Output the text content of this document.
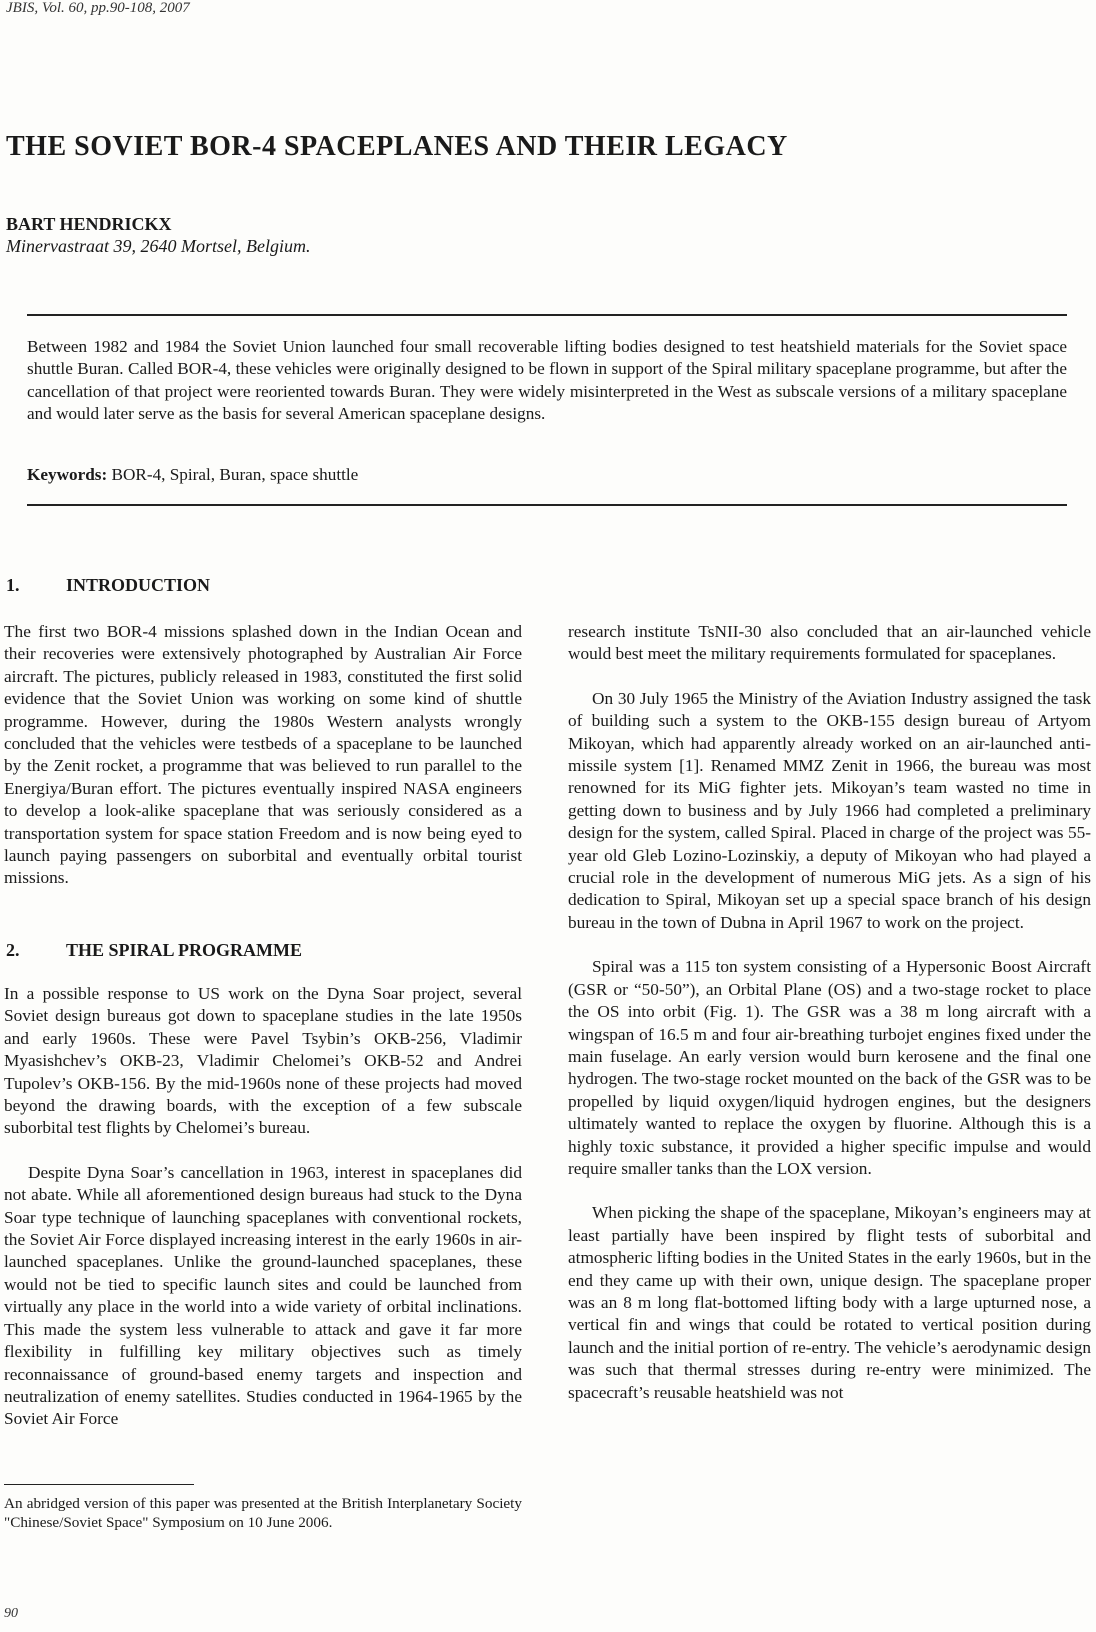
JBIS, Vol. 60, pp.90-108, 2007
THE SOVIET BOR-4 SPACEPLANES AND THEIR LEGACY
BART HENDRICKX
Minervastraat 39, 2640 Mortsel, Belgium.

Between 1982 and 1984 the Soviet Union launched four small recoverable lifting bodies designed to test heatshield materials for the Soviet space shuttle Buran. Called BOR-4, these vehicles were originally designed to be flown in support of the Spiral military spaceplane programme, but after the cancellation of that project were reoriented towards Buran. They were widely misinterpreted in the West as subscale versions of a military spaceplane and would later serve as the basis for several American spaceplane designs.

Keywords: BOR-4, Spiral, Buran, space shuttle
1.	INTRODUCTION

The first two BOR-4 missions splashed down in the Indian Ocean and their recoveries were extensively photographed by Australian Air Force aircraft. The pictures, publicly released in 1983, constituted the first solid evidence that the Soviet Union was working on some kind of shuttle programme. However, during the 1980s Western analysts wrongly concluded that the vehicles were testbeds of a spaceplane to be launched by the Zenit rocket, a programme that was believed to run parallel to the Energiya/Buran effort. The pictures eventually inspired NASA engineers to develop a look-alike spaceplane that was seriously considered as a transportation system for space station Freedom and is now being eyed to launch paying passengers on suborbital and eventually orbital tourist missions.

2.	THE SPIRAL PROGRAMME

In a possible response to US work on the Dyna Soar project, several Soviet design bureaus got down to spaceplane studies in the late 1950s and early 1960s. These were Pavel Tsybin’s OKB-256, Vladimir Myasishchev’s OKB-23, Vladimir Chelomei’s OKB-52 and Andrei Tupolev’s OKB-156. By the mid-1960s none of these projects had moved beyond the drawing boards, with the exception of a few subscale suborbital test flights by Chelomei’s bureau.

Despite Dyna Soar’s cancellation in 1963, interest in spaceplanes did not abate. While all aforementioned design bureaus had stuck to the Dyna Soar type technique of launching spaceplanes with conventional rockets, the Soviet Air Force displayed increasing interest in the early 1960s in air-launched spaceplanes. Unlike the ground-launched spaceplanes, these would not be tied to specific launch sites and could be launched from virtually any place in the world into a wide variety of orbital inclinations. This made the system less vulnerable to attack and gave it far more flexibility in fulfilling key military objectives such as timely reconnaissance of ground-based enemy targets and inspection and neutralization of enemy satellites. Studies conducted in 1964-1965 by the Soviet Air Force

An abridged version of this paper was presented at the British Interplanetary Society "Chinese/Soviet Space" Symposium on 10 June 2006.

research institute TsNII-30 also concluded that an air-launched vehicle would best meet the military requirements formulated for spaceplanes.

On 30 July 1965 the Ministry of the Aviation Industry assigned the task of building such a system to the OKB-155 design bureau of Artyom Mikoyan, which had apparently already worked on an air-launched anti-missile system [1]. Renamed MMZ Zenit in 1966, the bureau was most renowned for its MiG fighter jets. Mikoyan’s team wasted no time in getting down to business and by July 1966 had completed a preliminary design for the system, called Spiral. Placed in charge of the project was 55-year old Gleb Lozino-Lozinskiy, a deputy of Mikoyan who had played a crucial role in the development of numerous MiG jets. As a sign of his dedication to Spiral, Mikoyan set up a special space branch of his design bureau in the town of Dubna in April 1967 to work on the project.

Spiral was a 115 ton system consisting of a Hypersonic Boost Aircraft (GSR or “50-50”), an Orbital Plane (OS) and a two-stage rocket to place the OS into orbit (Fig. 1). The GSR was a 38 m long aircraft with a wingspan of 16.5 m and four air-breathing turbojet engines fixed under the main fuselage. An early version would burn kerosene and the final one hydrogen. The two-stage rocket mounted on the back of the GSR was to be propelled by liquid oxygen/liquid hydrogen engines, but the designers ultimately wanted to replace the oxygen by fluorine. Although this is a highly toxic substance, it provided a higher specific impulse and would require smaller tanks than the LOX version.

When picking the shape of the spaceplane, Mikoyan’s engineers may at least partially have been inspired by flight tests of suborbital and atmospheric lifting bodies in the United States in the early 1960s, but in the end they came up with their own, unique design. The spaceplane proper was an 8 m long flat-bottomed lifting body with a large upturned nose, a vertical fin and wings that could be rotated to vertical position during launch and the initial portion of re-entry. The vehicle’s aerodynamic design was such that thermal stresses during re-entry were minimized. The spacecraft’s reusable heatshield was not

90
